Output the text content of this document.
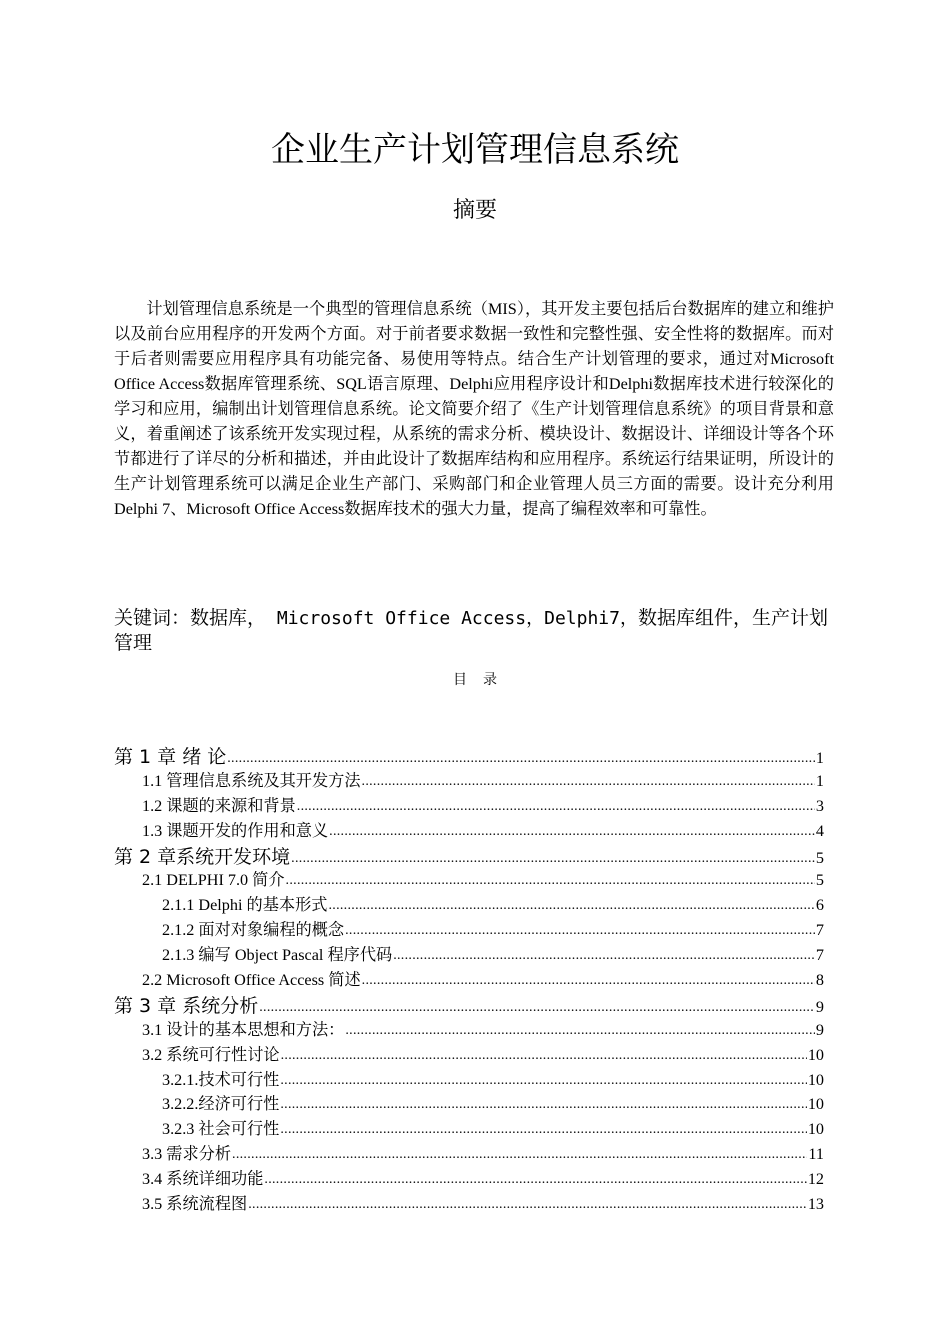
企业生产计划管理信息系统
摘要
计划管理信息系统是一个典型的管理信息系统（MIS），其开发主要包括后台数据库的建立和维护以及前台应用程序的开发两个方面。对于前者要求数据一致性和完整性强、安全性将的数据库。而对于后者则需要应用程序具有功能完备、易使用等特点。结合生产计划管理的要求，通过对Microsoft Office Access数据库管理系统、SQL语言原理、Delphi应用程序设计和Delphi数据库技术进行较深化的学习和应用，编制出计划管理信息系统。论文简要介绍了《生产计划管理信息系统》的项目背景和意义，着重阐述了该系统开发实现过程，从系统的需求分析、模块设计、数据设计、详细设计等各个环节都进行了详尽的分析和描述，并由此设计了数据库结构和应用程序。系统运行结果证明，所设计的生产计划管理系统可以满足企业生产部门、采购部门和企业管理人员三方面的需要。设计充分利用Delphi 7、Microsoft Office Access数据库技术的强大力量，提高了编程效率和可靠性。
关键词：数据库， Microsoft Office Access，Delphi7，数据库组件，生产计划管理
目录
第 1 章 绪 论 .....	1
1.1 管理信息系统及其开发方法 .....	1
1.2 课题的来源和背景 .....	3
1.3 课题开发的作用和意义 .....	4
第 2 章系统开发环境 .....	5
2.1 DELPHI 7.0 简介 .....	5
2.1.1 Delphi 的基本形式 .....	6
2.1.2 面对对象编程的概念 .....	7
2.1.3 编写 Object Pascal 程序代码 .....	7
2.2 Microsoft Office Access 简述 .....	8
第 3 章 系统分析 .....	9
3.1 设计的基本思想和方法： .....	9
3.2 系统可行性讨论 .....	10
3.2.1.技术可行性 .....	10
3.2.2.经济可行性 .....	10
3.2.3 社会可行性 .....	10
3.3 需求分析 .....	11
3.4 系统详细功能 .....	12
3.5 系统流程图 .....	13
